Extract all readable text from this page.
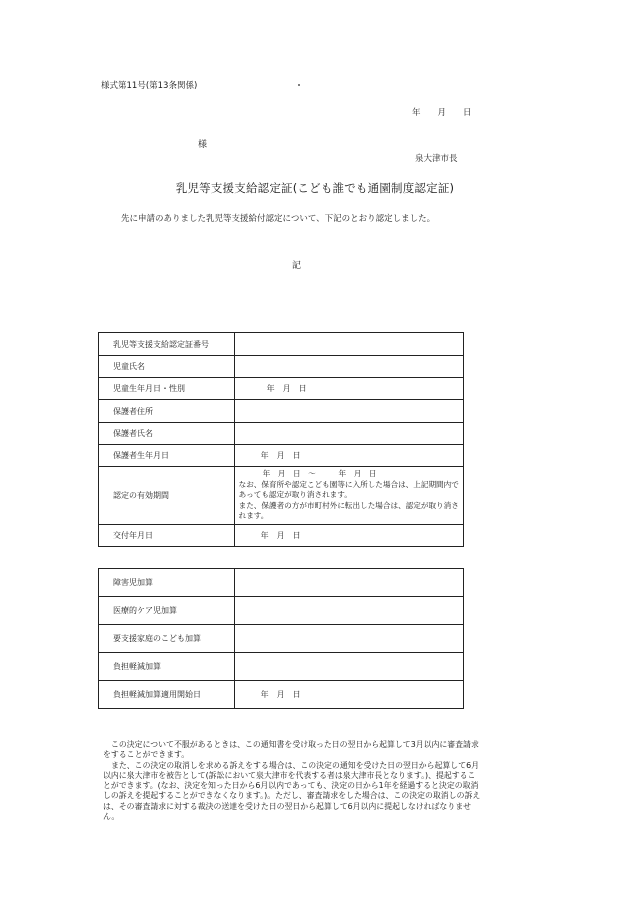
様式第11号(第13条関係)
年　　月　　日
様
泉大津市長
乳児等支援支給認定証(こども誰でも通園制度認定証)
先に申請のありました乳児等支援給付認定について、下記のとおり認定しました。
記
乳児等支援支給認定証番号	
児童氏名	
児童生年月日・性別	年　月　日
保護者住所	
保護者氏名	
保護者生年月日	年　月　日
認定の有効期間	年　月　日　～　　　年　月　日
なお、保育所や認定こども園等に入所した場合は、上記期間内であっても認定が取り消されます。
また、保護者の方が市町村外に転出した場合は、認定が取り消されます。

交付年月日	年　月　日
障害児加算	
医療的ケア児加算	
要支援家庭のこども加算	
負担軽減加算	
負担軽減加算適用開始日	年　月　日

この決定について不服があるときは、この通知書を受け取った日の翌日から起算して3月以内に審査請求をすることができます。

また、この決定の取消しを求める訴えをする場合は、この決定の通知を受けた日の翌日から起算して6月以内に泉大津市を被告として(訴訟において泉大津市を代表する者は泉大津市長となります。)、提起することができます。(なお、決定を知った日から6月以内であっても、決定の日から1年を経過すると決定の取消しの訴えを提起することができなくなります。)。ただし、審査請求をした場合は、この決定の取消しの訴えは、その審査請求に対する裁決の送達を受けた日の翌日から起算して6月以内に提起しなければなりません。
